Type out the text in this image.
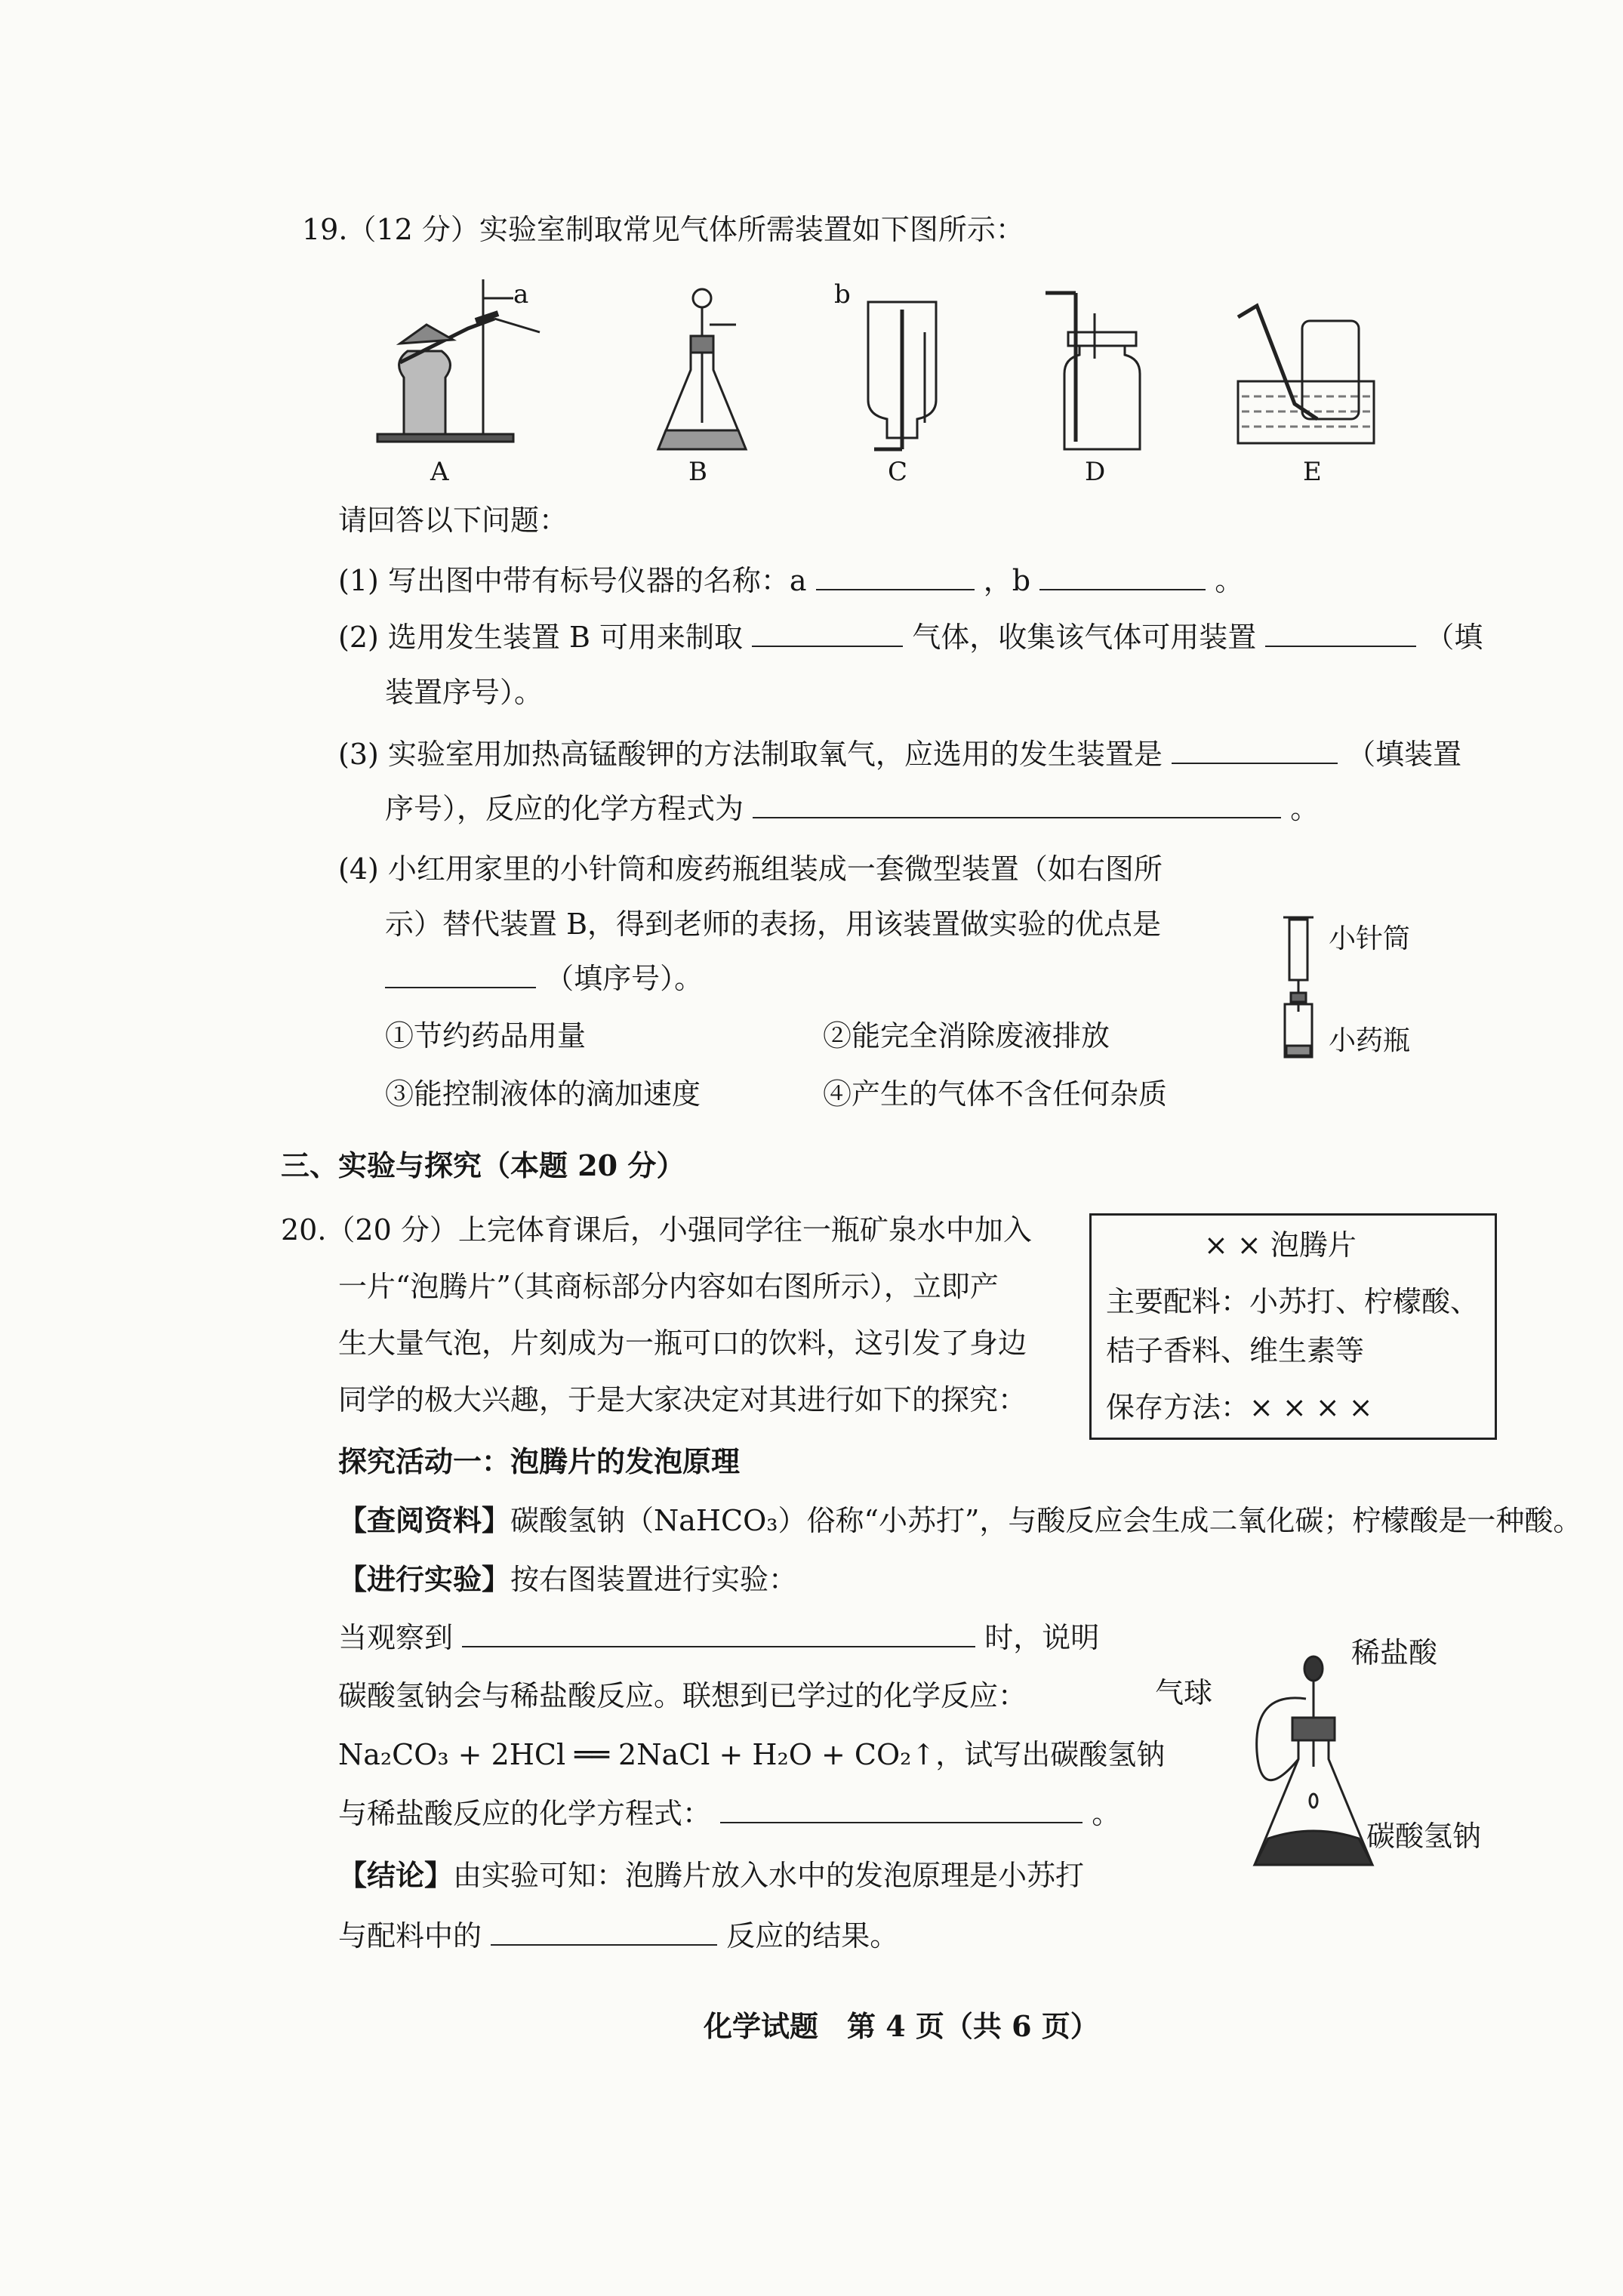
19.（12 分）实验室制取常见气体所需装置如下图所示：
a
A	B
b
C	D	E
请回答以下问题：
(1) 写出图中带有标号仪器的名称：a	，b	。
(2) 选用发生装置 B 可用来制取	气体，收集该气体可用装置	（填
装置序号）。
(3) 实验室用加热高锰酸钾的方法制取氧气，应选用的发生装置是	（填装置
序号），反应的化学方程式为	。
(4) 小红用家里的小针筒和废药瓶组装成一套微型装置（如右图所
示）替代装置 B，得到老师的表扬，用该装置做实验的优点是
（填序号）。
①节约药品用量	②能完全消除废液排放
③能控制液体的滴加速度	④产生的气体不含任何杂质
小针筒
小药瓶
三、实验与探究（本题 20 分）
20.（20 分）上完体育课后，小强同学往一瓶矿泉水中加入
一片“泡腾片”（其商标部分内容如右图所示），立即产
生大量气泡，片刻成为一瓶可口的饮料，这引发了身边
同学的极大兴趣，于是大家决定对其进行如下的探究：
× × 泡腾片
主要配料：小苏打、柠檬酸、
桔子香料、维生素等
保存方法：× × × ×
探究活动一：泡腾片的发泡原理
【查阅资料】碳酸氢钠（NaHCO₃）俗称“小苏打”，与酸反应会生成二氧化碳；柠檬酸是一种酸。
【进行实验】按右图装置进行实验：
当观察到	时，说明
碳酸氢钠会与稀盐酸反应。联想到已学过的化学反应：
Na₂CO₃ + 2HCl ══ 2NaCl + H₂O + CO₂↑，试写出碳酸氢钠
与稀盐酸反应的化学方程式：	。
【结论】由实验可知：泡腾片放入水中的发泡原理是小苏打
与配料中的	反应的结果。
稀盐酸
气球
碳酸氢钠
化学试题　第 4 页（共 6 页）
